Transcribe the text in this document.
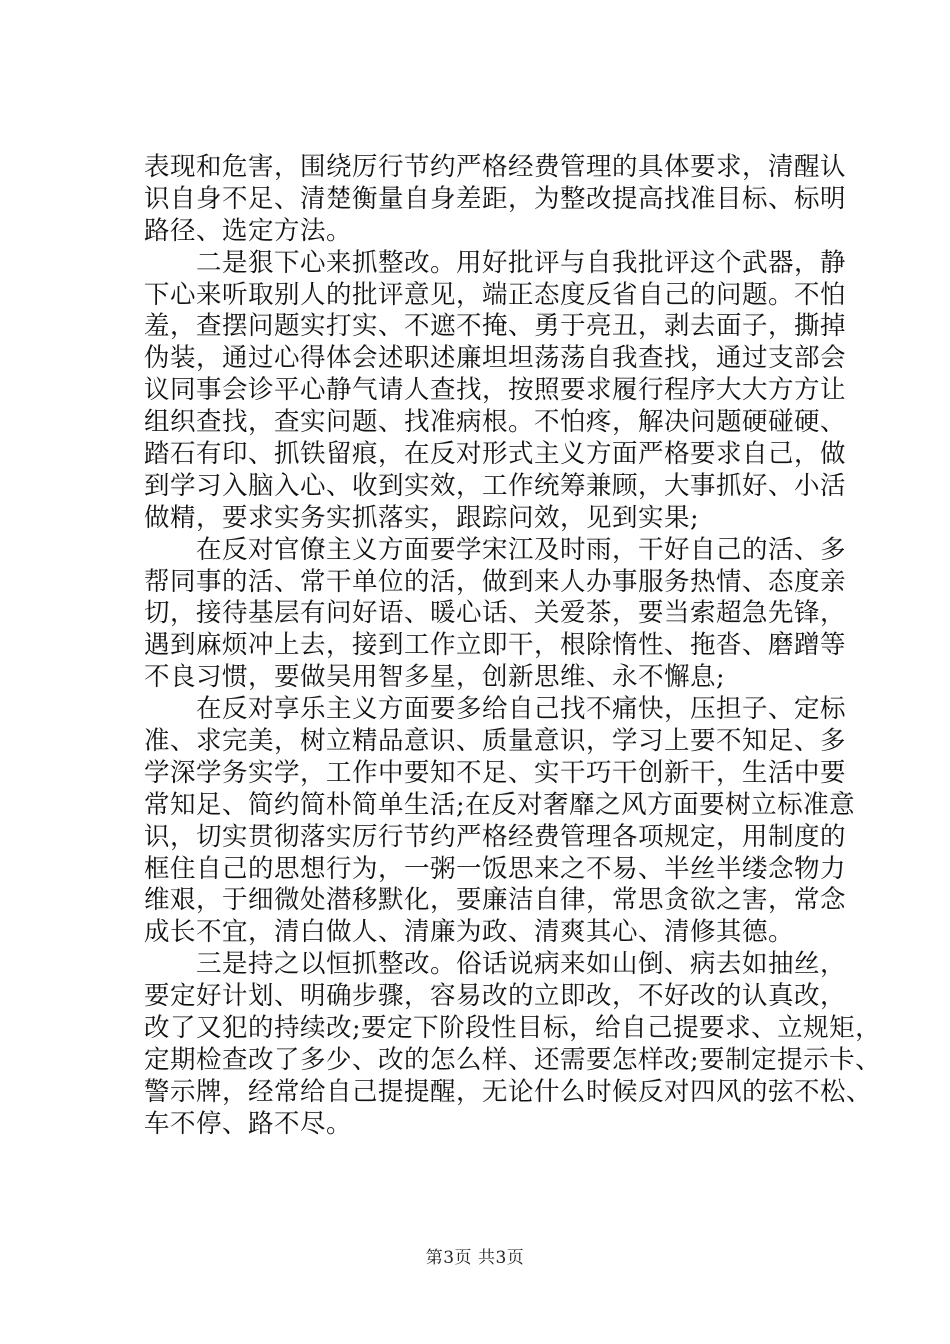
表现和危害，围绕厉行节约严格经费管理的具体要求，清醒认
识自身不足、清楚衡量自身差距，为整改提高找准目标、标明
路径、选定方法。

　　二是狠下心来抓整改。用好批评与自我批评这个武器，静
下心来听取别人的批评意见，端正态度反省自己的问题。不怕
羞，查摆问题实打实、不遮不掩、勇于亮丑，剥去面子，撕掉
伪装，通过心得体会述职述廉坦坦荡荡自我查找，通过支部会
议同事会诊平心静气请人查找，按照要求履行程序大大方方让
组织查找，查实问题、找准病根。不怕疼，解决问题硬碰硬、
踏石有印、抓铁留痕，在反对形式主义方面严格要求自己，做
到学习入脑入心、收到实效，工作统筹兼顾，大事抓好、小活
做精，要求实务实抓落实，跟踪问效，见到实果;

　　在反对官僚主义方面要学宋江及时雨，干好自己的活、多
帮同事的活、常干单位的活，做到来人办事服务热情、态度亲
切，接待基层有问好语、暖心话、关爱茶，要当索超急先锋，
遇到麻烦冲上去，接到工作立即干，根除惰性、拖沓、磨蹭等
不良习惯，要做吴用智多星，创新思维、永不懈息;

　　在反对享乐主义方面要多给自己找不痛快，压担子、定标
准、求完美，树立精品意识、质量意识，学习上要不知足、多
学深学务实学，工作中要知不足、实干巧干创新干，生活中要
常知足、简约简朴简单生活;在反对奢靡之风方面要树立标准意
识，切实贯彻落实厉行节约严格经费管理各项规定，用制度的
框住自己的思想行为，一粥一饭思来之不易、半丝半缕念物力
维艰，于细微处潜移默化，要廉洁自律，常思贪欲之害，常念
成长不宜，清白做人、清廉为政、清爽其心、清修其德。

　　三是持之以恒抓整改。俗话说病来如山倒、病去如抽丝，
要定好计划、明确步骤，容易改的立即改，不好改的认真改，
改了又犯的持续改;要定下阶段性目标，给自己提要求、立规矩，
定期检查改了多少、改的怎么样、还需要怎样改;要制定提示卡、
警示牌，经常给自己提提醒，无论什么时候反对四风的弦不松、
车不停、路不尽。

第3页 共3页
